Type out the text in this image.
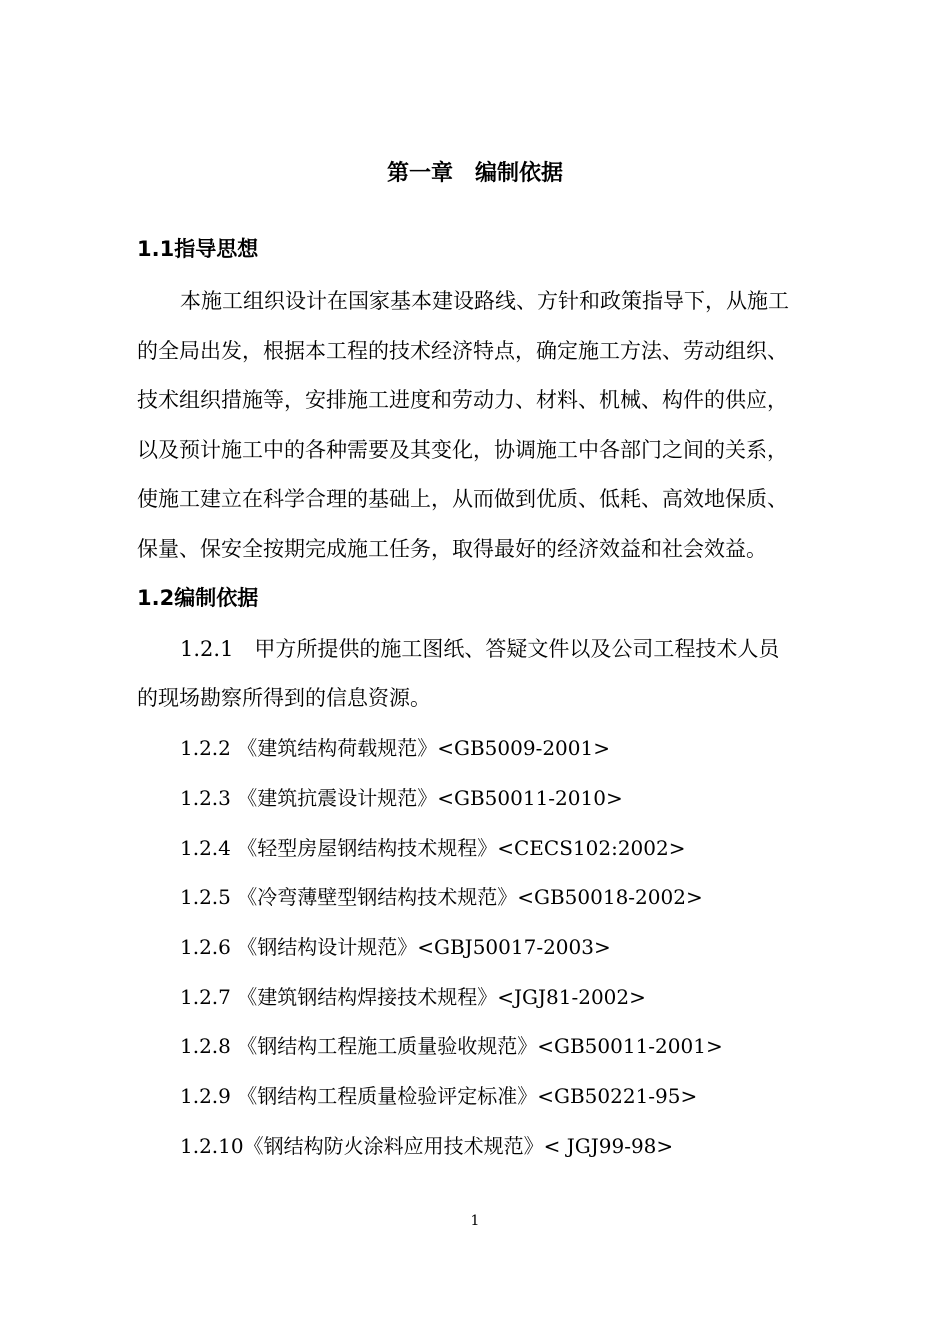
第一章　编制依据
1.1指导思想
本施工组织设计在国家基本建设路线、方针和政策指导下，从施工
的全局出发，根据本工程的技术经济特点，确定施工方法、劳动组织、
技术组织措施等，安排施工进度和劳动力、材料、机械、构件的供应，
以及预计施工中的各种需要及其变化，协调施工中各部门之间的关系，
使施工建立在科学合理的基础上，从而做到优质、低耗、高效地保质、
保量、保安全按期完成施工任务，取得最好的经济效益和社会效益。
1.2编制依据
1.2.1　甲方所提供的施工图纸、答疑文件以及公司工程技术人员
的现场勘察所得到的信息资源。
1.2.2 《建筑结构荷载规范》<GB5009-2001>
1.2.3 《建筑抗震设计规范》<GB50011-2010>
1.2.4 《轻型房屋钢结构技术规程》<CECS102:2002>
1.2.5 《冷弯薄壁型钢结构技术规范》<GB50018-2002>
1.2.6 《钢结构设计规范》<GBJ50017-2003>
1.2.7 《建筑钢结构焊接技术规程》<JGJ81-2002>
1.2.8 《钢结构工程施工质量验收规范》<GB50011-2001>
1.2.9 《钢结构工程质量检验评定标准》<GB50221-95>
1.2.10《钢结构防火涂料应用技术规范》< JGJ99-98>
1
